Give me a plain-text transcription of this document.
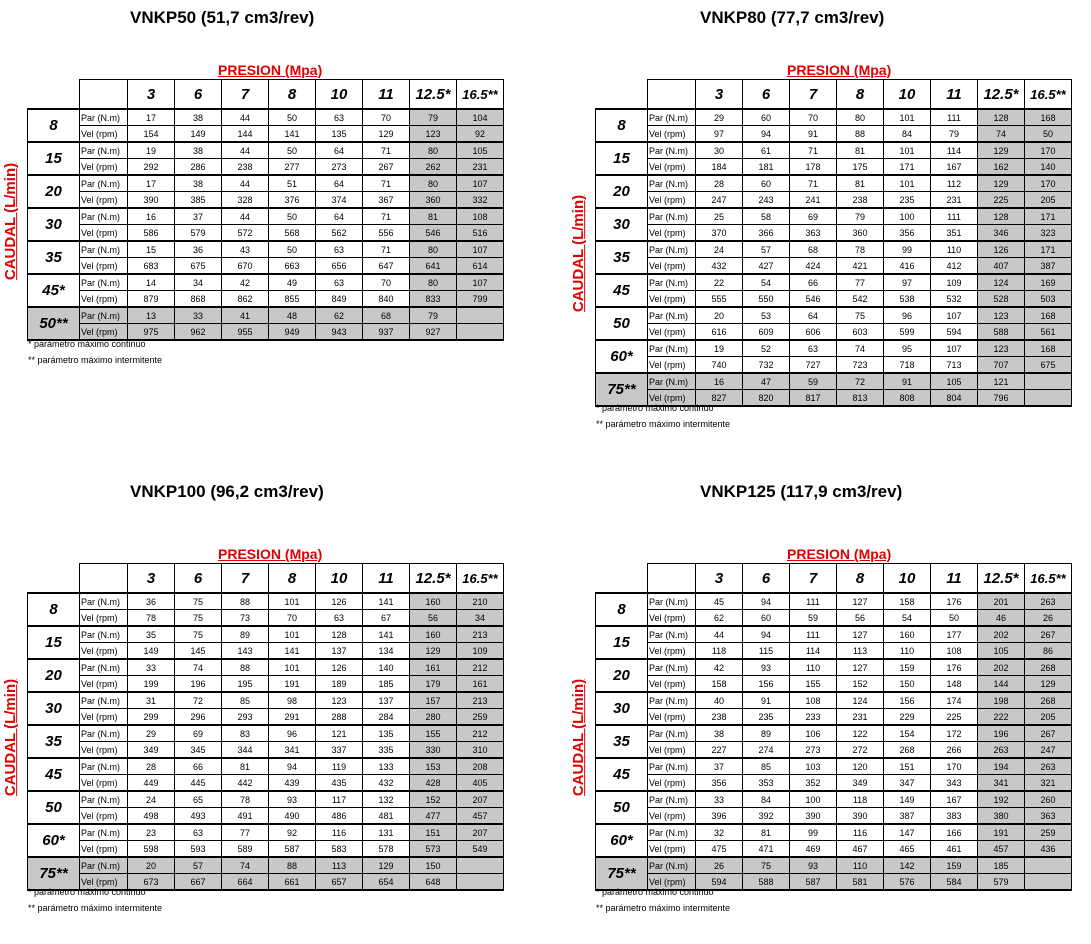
VNKP50 (51,7 cm3/rev)
PRESION (Mpa)
		3	6	7	8	10	11	12.5*	16.5**
8	Par (N.m)	17	38	44	50	63	70	79	104
	Vel (rpm)	154	149	144	141	135	129	123	92
15	Par (N.m)	19	38	44	50	64	71	80	105
	Vel (rpm)	292	286	238	277	273	267	262	231
20	Par (N.m)	17	38	44	51	64	71	80	107
	Vel (rpm)	390	385	328	376	374	367	360	332
30	Par (N.m)	16	37	44	50	64	71	81	108
	Vel (rpm)	586	579	572	568	562	556	546	516
35	Par (N.m)	15	36	43	50	63	71	80	107
	Vel (rpm)	683	675	670	663	656	647	641	614
45*	Par (N.m)	14	34	42	49	63	70	80	107
	Vel (rpm)	879	868	862	855	849	840	833	799
50**	Par (N.m)	13	33	41	48	62	68	79	
	Vel (rpm)	975	962	955	949	943	937	927	
CAUDAL (L/min)
* parámetro máximo continuo
** parámetro máximo intermitente
VNKP80 (77,7 cm3/rev)
PRESION (Mpa)
		3	6	7	8	10	11	12.5*	16.5**
8	Par (N.m)	29	60	70	80	101	111	128	168
	Vel (rpm)	97	94	91	88	84	79	74	50
15	Par (N.m)	30	61	71	81	101	114	129	170
	Vel (rpm)	184	181	178	175	171	167	162	140
20	Par (N.m)	28	60	71	81	101	112	129	170
	Vel (rpm)	247	243	241	238	235	231	225	205
30	Par (N.m)	25	58	69	79	100	111	128	171
	Vel (rpm)	370	366	363	360	356	351	346	323
35	Par (N.m)	24	57	68	78	99	110	126	171
	Vel (rpm)	432	427	424	421	416	412	407	387
45	Par (N.m)	22	54	66	77	97	109	124	169
	Vel (rpm)	555	550	546	542	538	532	528	503
50	Par (N.m)	20	53	64	75	96	107	123	168
	Vel (rpm)	616	609	606	603	599	594	588	561
60*	Par (N.m)	19	52	63	74	95	107	123	168
	Vel (rpm)	740	732	727	723	718	713	707	675
75**	Par (N.m)	16	47	59	72	91	105	121	
	Vel (rpm)	827	820	817	813	808	804	796	
CAUDAL (L/min)
* parámetro máximo continuo
** parámetro máximo intermitente
VNKP100 (96,2 cm3/rev)
PRESION (Mpa)
		3	6	7	8	10	11	12.5*	16.5**
8	Par (N.m)	36	75	88	101	126	141	160	210
	Vel (rpm)	78	75	73	70	63	67	56	34
15	Par (N.m)	35	75	89	101	128	141	160	213
	Vel (rpm)	149	145	143	141	137	134	129	109
20	Par (N.m)	33	74	88	101	126	140	161	212
	Vel (rpm)	199	196	195	191	189	185	179	161
30	Par (N.m)	31	72	85	98	123	137	157	213
	Vel (rpm)	299	296	293	291	288	284	280	259
35	Par (N.m)	29	69	83	96	121	135	155	212
	Vel (rpm)	349	345	344	341	337	335	330	310
45	Par (N.m)	28	66	81	94	119	133	153	208
	Vel (rpm)	449	445	442	439	435	432	428	405
50	Par (N.m)	24	65	78	93	117	132	152	207
	Vel (rpm)	498	493	491	490	486	481	477	457
60*	Par (N.m)	23	63	77	92	116	131	151	207
	Vel (rpm)	598	593	589	587	583	578	573	549
75**	Par (N.m)	20	57	74	88	113	129	150	
	Vel (rpm)	673	667	664	661	657	654	648	
CAUDAL (L/min)
* parámetro máximo continuo
** parámetro máximo intermitente
VNKP125 (117,9 cm3/rev)
PRESION (Mpa)
		3	6	7	8	10	11	12.5*	16.5**
8	Par (N.m)	45	94	111	127	158	176	201	263
	Vel (rpm)	62	60	59	56	54	50	46	26
15	Par (N.m)	44	94	111	127	160	177	202	267
	Vel (rpm)	118	115	114	113	110	108	105	86
20	Par (N.m)	42	93	110	127	159	176	202	268
	Vel (rpm)	158	156	155	152	150	148	144	129
30	Par (N.m)	40	91	108	124	156	174	198	268
	Vel (rpm)	238	235	233	231	229	225	222	205
35	Par (N.m)	38	89	106	122	154	172	196	267
	Vel (rpm)	227	274	273	272	268	266	263	247
45	Par (N.m)	37	85	103	120	151	170	194	263
	Vel (rpm)	356	353	352	349	347	343	341	321
50	Par (N.m)	33	84	100	118	149	167	192	260
	Vel (rpm)	396	392	390	390	387	383	380	363
60*	Par (N.m)	32	81	99	116	147	166	191	259
	Vel (rpm)	475	471	469	467	465	461	457	436
75**	Par (N.m)	26	75	93	110	142	159	185	
	Vel (rpm)	594	588	587	581	576	584	579	
CAUDAL (L/min)
* parámetro máximo continuo
** parámetro máximo intermitente
